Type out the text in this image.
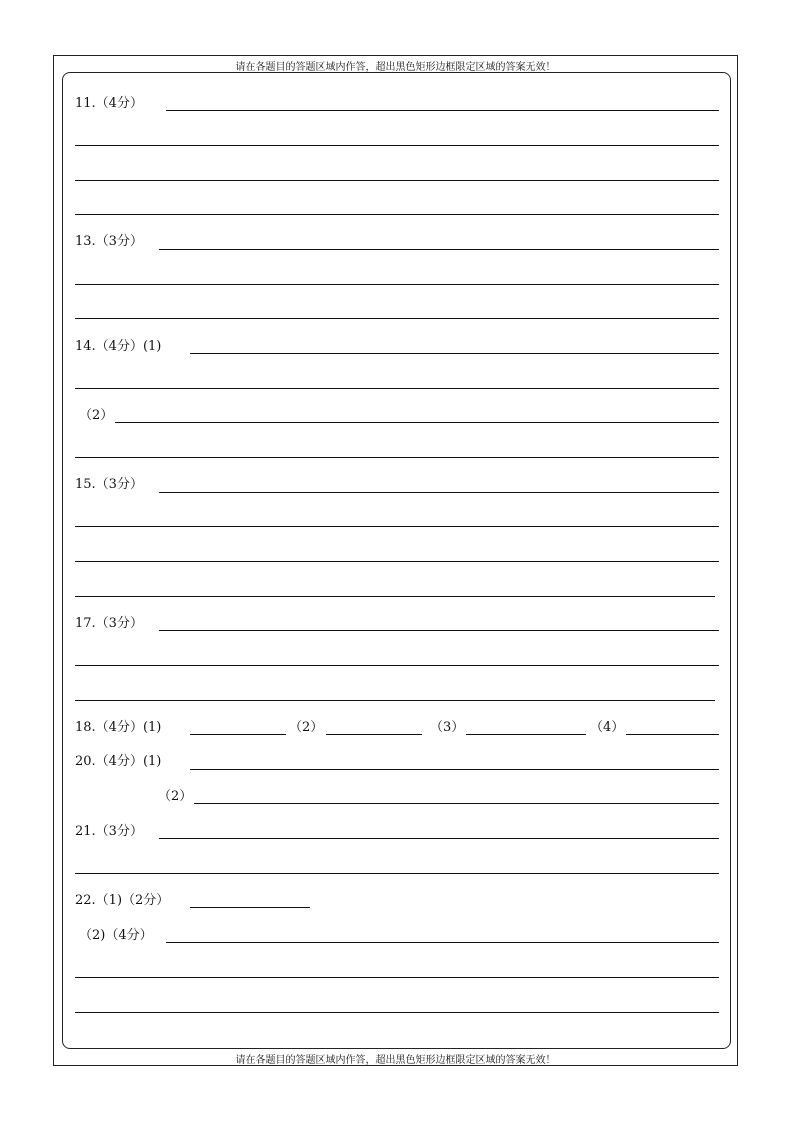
请在各题目的答题区域内作答，超出黑色矩形边框限定区域的答案无效！
请在各题目的答题区域内作答，超出黑色矩形边框限定区域的答案无效！
11.（4分）
13.（3分）
14.（4分）(1)
（2）
15.（3分）
17.（3分）
18.（4分）(1)	（2）	（3）	（4）
20.（4分）(1)
（2）
21.（3分）
22.（1)（2分）
（2)（4分）
